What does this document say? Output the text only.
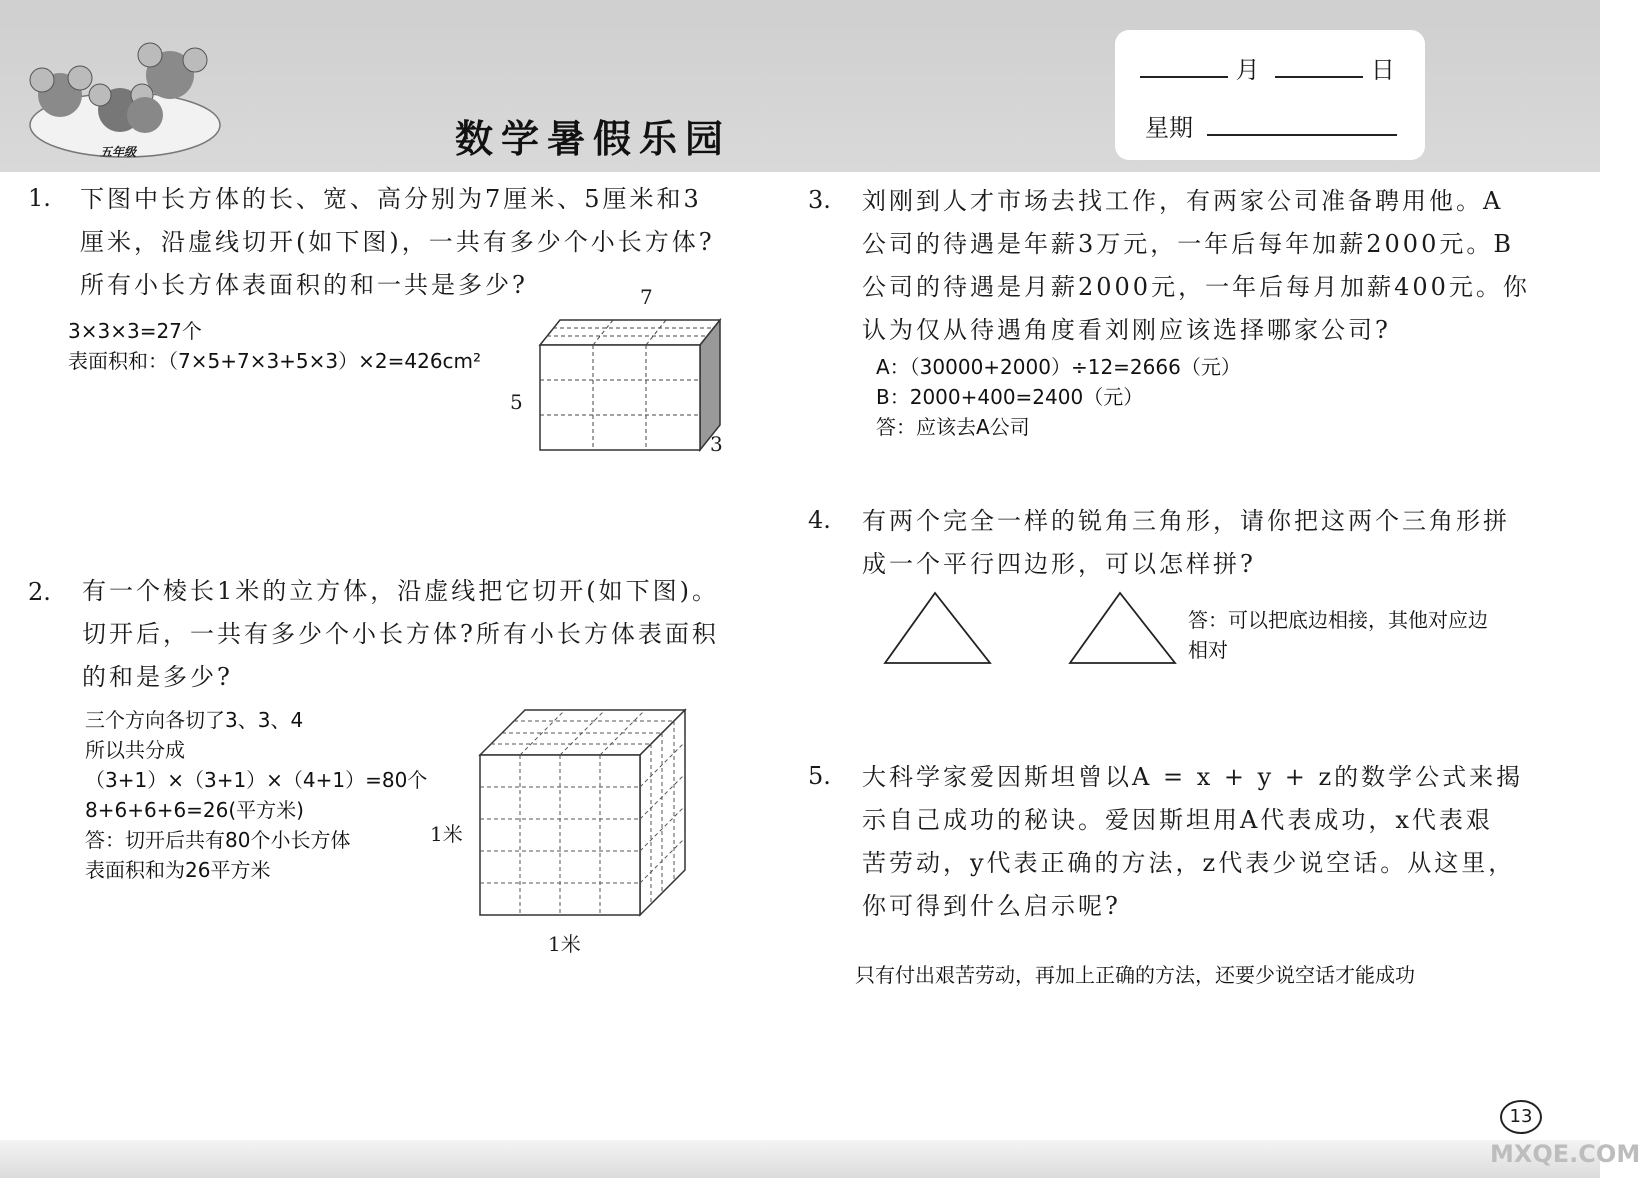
五年级	数学暑假乐园
月	日
星期
1. 下图中长方体的长、宽、高分别为7厘米、5厘米和3
厘米，沿虚线切开(如下图)，一共有多少个小长方体?
所有小长方体表面积的和一共是多少?
3×3×3=27个
表面积和：（7×5+7×3+5×3）×2=426cm²
7
5
3
2. 有一个棱长1米的立方体，沿虚线把它切开(如下图)。
切开后，一共有多少个小长方体?所有小长方体表面积
的和是多少?
三个方向各切了3、3、4
所以共分成
（3+1）×（3+1）×（4+1）=80个
8+6+6+6=26(平方米)
答：切开后共有80个小长方体
表面积和为26平方米
1米
1米
3. 刘刚到人才市场去找工作，有两家公司准备聘用他。A
公司的待遇是年薪3万元，一年后每年加薪2000元。B
公司的待遇是月薪2000元，一年后每月加薪400元。你
认为仅从待遇角度看刘刚应该选择哪家公司?
A：（30000+2000）÷12=2666（元）
B：2000+400=2400（元）
答：应该去A公司
4. 有两个完全一样的锐角三角形，请你把这两个三角形拼
成一个平行四边形，可以怎样拼?
答：可以把底边相接，其他对应边
相对
5. 大科学家爱因斯坦曾以A = x + y + z的数学公式来揭
示自己成功的秘诀。爱因斯坦用A代表成功，x代表艰
苦劳动，y代表正确的方法，z代表少说空话。从这里，
你可得到什么启示呢?
只有付出艰苦劳动，再加上正确的方法，还要少说空话才能成功
13
MXQE.COM
